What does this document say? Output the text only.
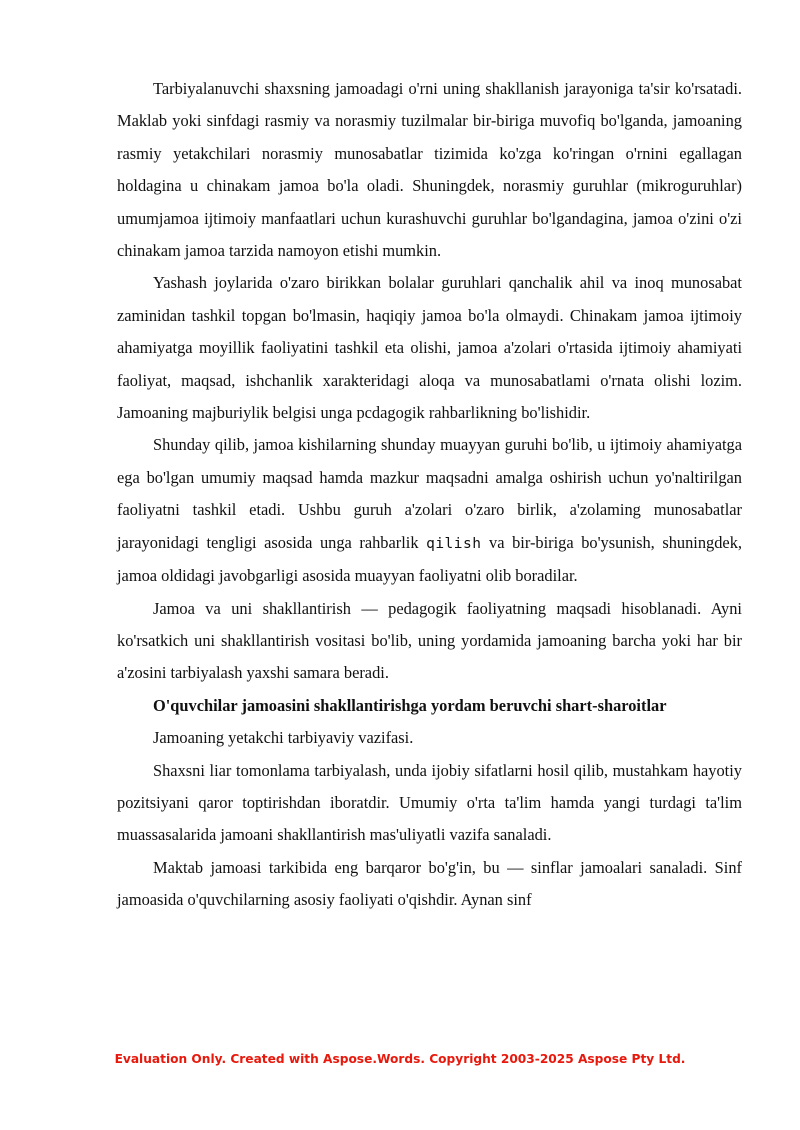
Tarbiyalanuvchi shaxsning jamoadagi o'rni uning shakllanish jarayoniga ta'sir ko'rsatadi. Maklab yoki sinfdagi rasmiy va norasmiy tuzilmalar bir-biriga muvofiq bo'lganda, jamoaning rasmiy yetakchilari norasmiy munosabatlar tizimida ko'zga ko'ringan o'rnini egallagan holdagina u chinakam jamoa bo'la oladi. Shuningdek, norasmiy guruhlar (mikroguruhlar) umumjamoa ijtimoiy manfaatlari uchun kurashuvchi guruhlar bo'lgandagina, jamoa o'zini o'zi chinakam jamoa tarzida namoyon etishi mumkin.

Yashash joylarida o'zaro birikkan bolalar guruhlari qanchalik ahil va inoq munosabat zaminidan tashkil topgan bo'lmasin, haqiqiy jamoa bo'la olmaydi. Chinakam jamoa ijtimoiy ahamiyatga moyillik faoliyatini tashkil eta olishi, jamoa a'zolari o'rtasida ijtimoiy ahamiyati faoliyat, maqsad, ishchanlik xarakteridagi aloqa va munosabatlami o'rnata olishi lozim. Jamoaning majburiylik belgisi unga pcdagogik rahbarlikning bo'lishidir.

Shunday qilib, jamoa kishilarning shunday muayyan guruhi bo'lib, u ijtimoiy ahamiyatga ega bo'lgan umumiy maqsad hamda mazkur maqsadni amalga oshirish uchun yo'naltirilgan faoliyatni tashkil etadi. Ushbu guruh a'zolari o'zaro birlik, a'zolaming munosabatlar jarayonidagi tengligi asosida unga rahbarlik qilish va bir-biriga bo'ysunish, shuningdek, jamoa oldidagi javobgarligi asosida muayyan faoliyatni olib boradilar.

Jamoa va uni shakllantirish — pedagogik faoliyatning maqsadi hisoblanadi. Ayni ko'rsatkich uni shakllantirish vositasi bo'lib, uning yordamida jamoaning barcha yoki har bir a'zosini tarbiyalash yaxshi samara beradi.

O'quvchilar jamoasini shakllantirishga yordam beruvchi shart-sharoitlar

Jamoaning yetakchi tarbiyaviy vazifasi.

Shaxsni liar tomonlama tarbiyalash, unda ijobiy sifatlarni hosil qilib, mustahkam hayotiy pozitsiyani qaror toptirishdan iboratdir. Umumiy o'rta ta'lim hamda yangi turdagi ta'lim muassasalarida jamoani shakllantirish mas'uliyatli vazifa sanaladi.

Maktab jamoasi tarkibida eng barqaror bo'g'in, bu — sinflar jamoalari sanaladi. Sinf jamoasida o'quvchilarning asosiy faoliyati o'qishdir. Aynan sinf

Evaluation Only. Created with Aspose.Words. Copyright 2003-2025 Aspose Pty Ltd.
